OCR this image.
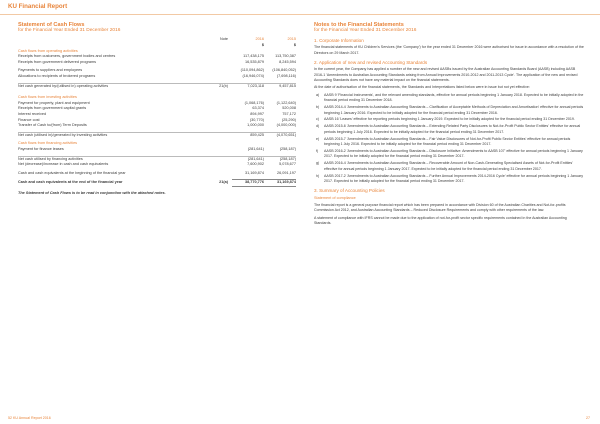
KU Financial Report
Statement of Cash Flows
for the Financial Year Ended 31 December 2016
	Note	2016	2015
		$	$
Cash flows from operating activities			
Receipts from customers, government bodies and centres		117,438,175	113,750,387
Receipts from government delivered programs		16,535,879	8,245,594

Payments to suppliers and employees		(110,094,862)	(106,840,052)
Allocations to recipients of brokered programs		(16,946,074)	(7,698,116)

Net cash generated by/(utilised in) operating activities	21(b)	7,023,118	9,457,815

Cash flows from investing activities			
Payment for property, plant and equipment		(1,068,176)	(1,122,640)
Receipts from government capital grants		63,374	520,008
Interest received		894,997	757,172
Finance cost		(30,770)	(25,290)
Transfer of Cash to/(from) Term Deposits		1,000,000	(4,000,000)

Net cash (utilised in)/generated by investing activities		859,425	(4,070,651)

Cash flows from financing activities			
Payment for finance leases		(281,641)	(258,187)

Net cash utilised by financing activities		(281,641)	(258,187)
Net (decrease)/increase in cash and cash equivalents		7,600,902	5,078,677

Cash and cash equivalents at the beginning of the financial year		31,169,874	26,091,197

Cash and cash equivalents at the end of the financial year	21(a)	38,770,776	31,169,874
The Statement of Cash Flows is to be read in conjunction with the attached notes.
Notes to the Financial Statements
for the Financial Year Ended 31 December 2016
1. Corporate Information
The financial statements of KU Children's Services (the 'Company') for the year ended 31 December 2016 were authorised for issue in accordance with a resolution of the Directors on 29 March 2017.
2. Application of new and revised Accounting Standards
In the current year, the Company has applied a number of the new and revised AASBs issued by the Australian Accounting Standards Board (AASB) including AASB 2016-1 'Amendments to Australian Accounting Standards arising from Annual Improvements 2010-2012 and 2011-2013 Cycle'. The application of the new and revised Accounting Standards does not have any material impact on the financial statements.
At the date of authorisation of the financial statements, the Standards and Interpretations listed below were in issue but not yet effective:
a)	AASB 9 'Financial Instruments', and the relevant amending standards, effective for annual periods beginning 1 January 2018. Expected to be initially adopted in the financial period ending 31 December 2018.
b)	AASB 2014-4 'Amendments to Australian Accounting Standards – Clarification of Acceptable Methods of Depreciation and Amortisation' effective for annual periods beginning 1 January 2016. Expected to be initially adopted for the financial period ending 31 December 2016.
c)	AASB 16 'Leases' effective for reporting periods beginning 1 January 2019. Expected to be initially adopted for the financial period ending 31 December 2019.
d)	AASB 2015-6 'Amendments to Australian Accounting Standards – Extending Related Party Disclosures to Not-for-Profit Public Sector Entities' effective for annual periods beginning 1 July 2016. Expected to be initially adopted for the financial period ending 31 December 2017.
e)	AASB 2015-7 'Amendments to Australian Accounting Standards – Fair Value Disclosures of Not-for-Profit Public Sector Entities' effective for annual periods beginning 1 July 2016. Expected to be initially adopted for the financial period ending 31 December 2017.
f)	AASB 2016-2 'Amendments to Australian Accounting Standards – Disclosure Initiative: Amendments to AASB 107' effective for annual periods beginning 1 January 2017. Expected to be initially adopted for the financial period ending 31 December 2017.
g)	AASB 2016-4 'Amendments to Australian Accounting Standards – Recoverable Amount of Non-Cash-Generating Specialised Assets of Not-for-Profit Entities' effective for annual periods beginning 1 January 2017. Expected to be initially adopted for the financial period ending 31 December 2017.
h)	AASB 2017-2 'Amendments to Australian Accounting Standards – Further Annual Improvements 2014-2016 Cycle' effective for annual periods beginning 1 January 2017. Expected to be initially adopted for the financial period ending 31 December 2017.
3. Summary of Accounting Policies
Statement of compliance
The financial report is a general purpose financial report which has been prepared in accordance with Division 60 of the Australian Charities and Not-for-profits Commission Act 2012, and Australian Accounting Standards – Reduced Disclosure Requirements and comply with other requirements of the law.
A statement of compliance with IFRS cannot be made due to the application of not-for-profit sector specific requirements contained in the Australian Accounting Standards.
52 KU Annual Report 2016	27
